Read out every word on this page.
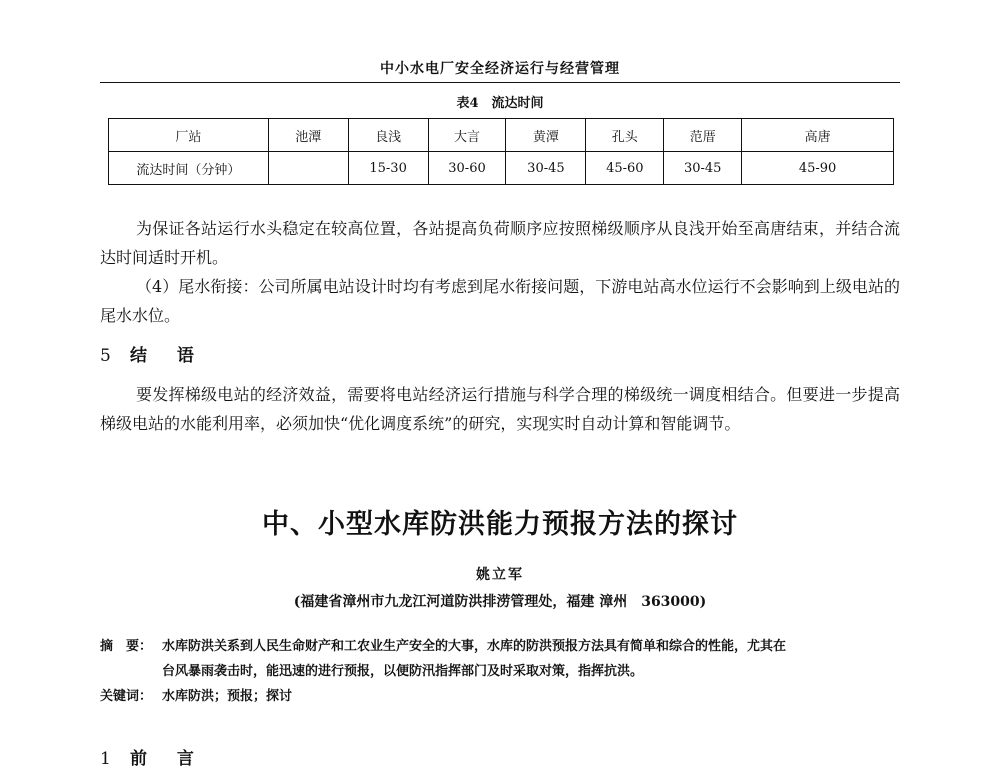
中小水电厂安全经济运行与经营管理
表4　流达时间
厂站	池潭	良浅	大言	黄潭	孔头	范厝	高唐
流达时间（分钟）		15-30	30-60	30-45	45-60	30-45	45-90
为保证各站运行水头稳定在较高位置，各站提高负荷顺序应按照梯级顺序从良浅开始至高唐结束，并结合流达时间适时开机。
（4）尾水衔接：公司所属电站设计时均有考虑到尾水衔接问题，下游电站高水位运行不会影响到上级电站的尾水水位。
5 结 语
要发挥梯级电站的经济效益，需要将电站经济运行措施与科学合理的梯级统一调度相结合。但要进一步提高梯级电站的水能利用率，必须加快“优化调度系统”的研究，实现实时自动计算和智能调节。
中、小型水库防洪能力预报方法的探讨
姚立军
(福建省漳州市九龙江河道防洪排涝管理处，福建 漳州　363000)
摘　要： 水库防洪关系到人民生命财产和工农业生产安全的大事，水库的防洪预报方法具有简单和综合的性能，尤其在
台风暴雨袭击时，能迅速的进行预报，以便防汛指挥部门及时采取对策，指挥抗洪。
关键词： 水库防洪；预报；探讨
1 前 言
